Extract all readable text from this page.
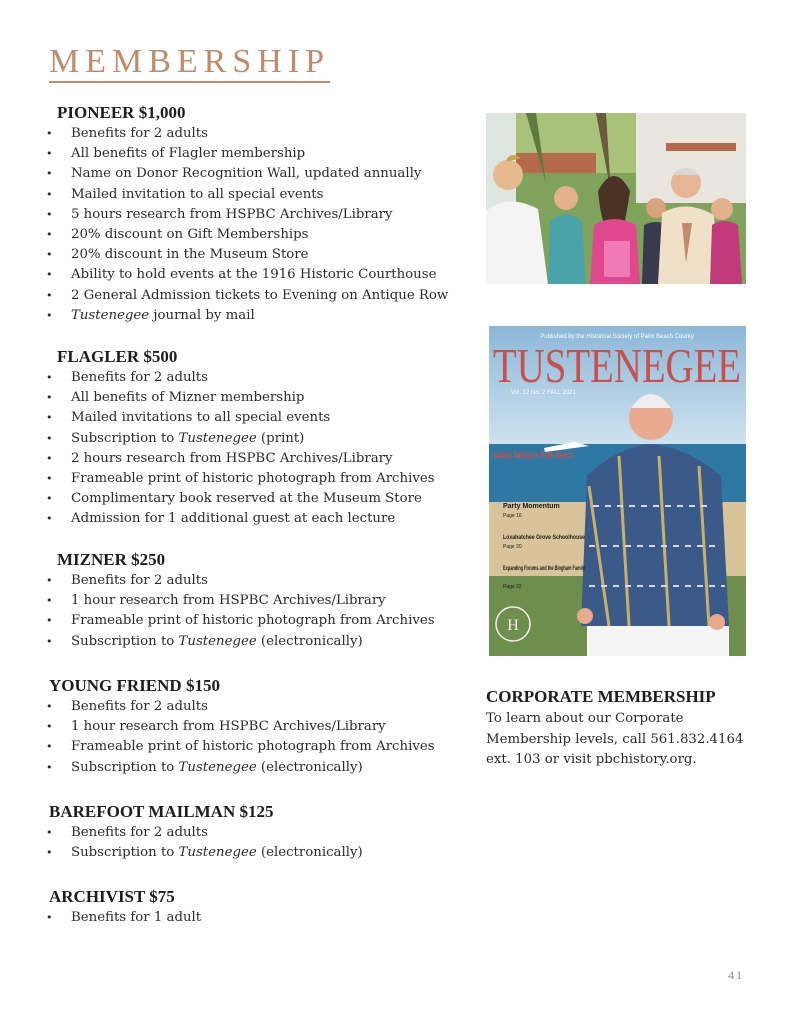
MEMBERSHIP
PIONEER $1,000
• Benefits for 2 adults
• All benefits of Flagler membership
• Name on Donor Recognition Wall, updated annually
• Mailed invitation to all special events
• 5 hours research from HSPBC Archives/Library
• 20% discount on Gift Memberships
• 20% discount in the Museum Store
• Ability to hold events at the 1916 Historic Courthouse
• 2 General Admission tickets to Evening on Antique Row
• Tustenegee journal by mail
FLAGLER $500
• Benefits for 2 adults
• All benefits of Mizner membership
• Mailed invitations to all special events
• Subscription to Tustenegee (print)
• 2 hours research from HSPBC Archives/Library
• Frameable print of historic photograph from Archives
• Complimentary book reserved at the Museum Store
• Admission for 1 additional guest at each lecture
MIZNER $250
• Benefits for 2 adults
• 1 hour research from HSPBC Archives/Library
• Frameable print of historic photograph from Archives
• Subscription to Tustenegee (electronically)
YOUNG FRIEND $150
• Benefits for 2 adults
• 1 hour research from HSPBC Archives/Library
• Frameable print of historic photograph from Archives
• Subscription to Tustenegee (electronically)
BAREFOOT MAILMAN $125
• Benefits for 2 adults
• Subscription to Tustenegee (electronically)
ARCHIVIST $75
• Benefits for 1 adult
Published by the Historical Society of Palm Beach County
TUSTENEGEE
Vol. 12 No. 2 FALL 2021
Sailing Sailing in Palm Beach
Party Momentum
Page 16
Loxahatchee Grove Schoolhouse
Page 20
Expanding Forums and the Bingham Family
Page 22
H
CORPORATE MEMBERSHIP

To learn about our Corporate
Membership levels, call 561.832.4164
ext. 103 or visit pbchistory.org.

41
